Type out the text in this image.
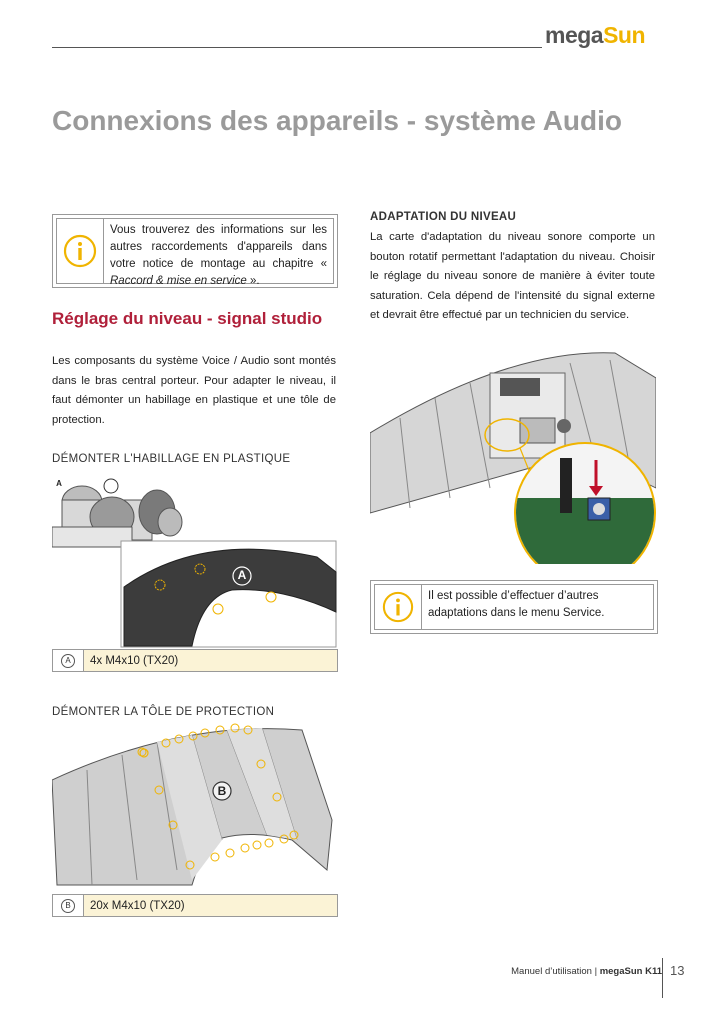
megaSun
Connexions des appareils - système Audio
Vous trouverez des informations sur les autres raccordements d'appareils dans votre notice de montage au chapitre « Raccord & mise en service ».
Réglage du niveau - signal studio
Les composants du système Voice / Audio sont montés dans le bras central porteur. Pour adapter le niveau, il faut démonter un habillage en plastique et une tôle de protection.
DÉMONTER L'HABILLAGE EN PLASTIQUE
A
A
A	4x M4x10 (TX20)
DÉMONTER LA TÔLE DE PROTECTION
B
B	20x M4x10 (TX20)
ADAPTATION DU NIVEAU
La carte d'adaptation du niveau sonore comporte un bouton rotatif permettant l'adaptation du niveau. Choisir le réglage du niveau sonore de manière à éviter toute saturation. Cela dépend de l'intensité du signal externe et devrait être effectué par un technicien du service.
Il est possible d’effectuer d’autres adaptations dans le menu Service.
Manuel d’utilisation | megaSun K11 13
